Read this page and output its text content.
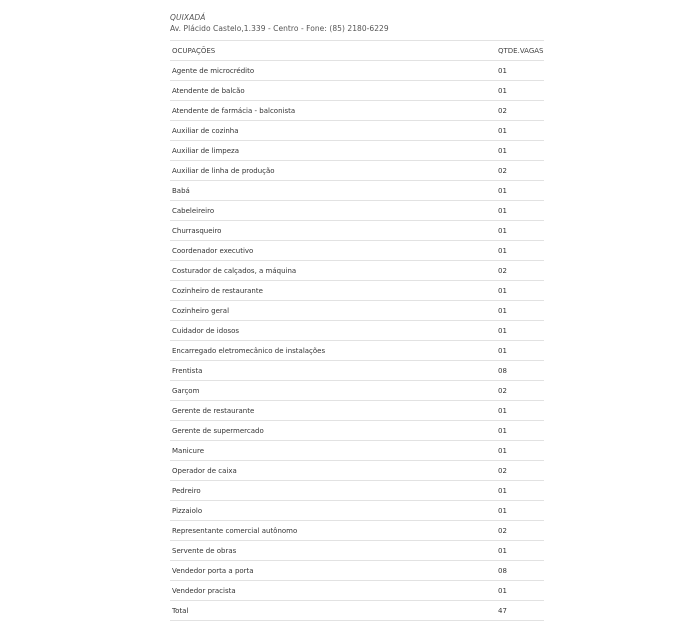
QUIXADÁ
Av. Plácido Castelo,1.339 - Centro - Fone: (85) 2180-6229
OCUPAÇÕES	QTDE.VAGAS
Agente de microcrédito	01
Atendente de balcão	01
Atendente de farmácia - balconista	02
Auxiliar de cozinha	01
Auxiliar de limpeza	01
Auxiliar de linha de produção	02
Babá	01
Cabeleireiro	01
Churrasqueiro	01
Coordenador executivo	01
Costurador de calçados, a máquina	02
Cozinheiro de restaurante	01
Cozinheiro geral	01
Cuidador de idosos	01
Encarregado eletromecânico de instalações	01
Frentista	08
Garçom	02
Gerente de restaurante	01
Gerente de supermercado	01
Manicure	01
Operador de caixa	02
Pedreiro	01
Pizzaiolo	01
Representante comercial autônomo	02
Servente de obras	01
Vendedor porta a porta	08
Vendedor pracista	01
Total	47
